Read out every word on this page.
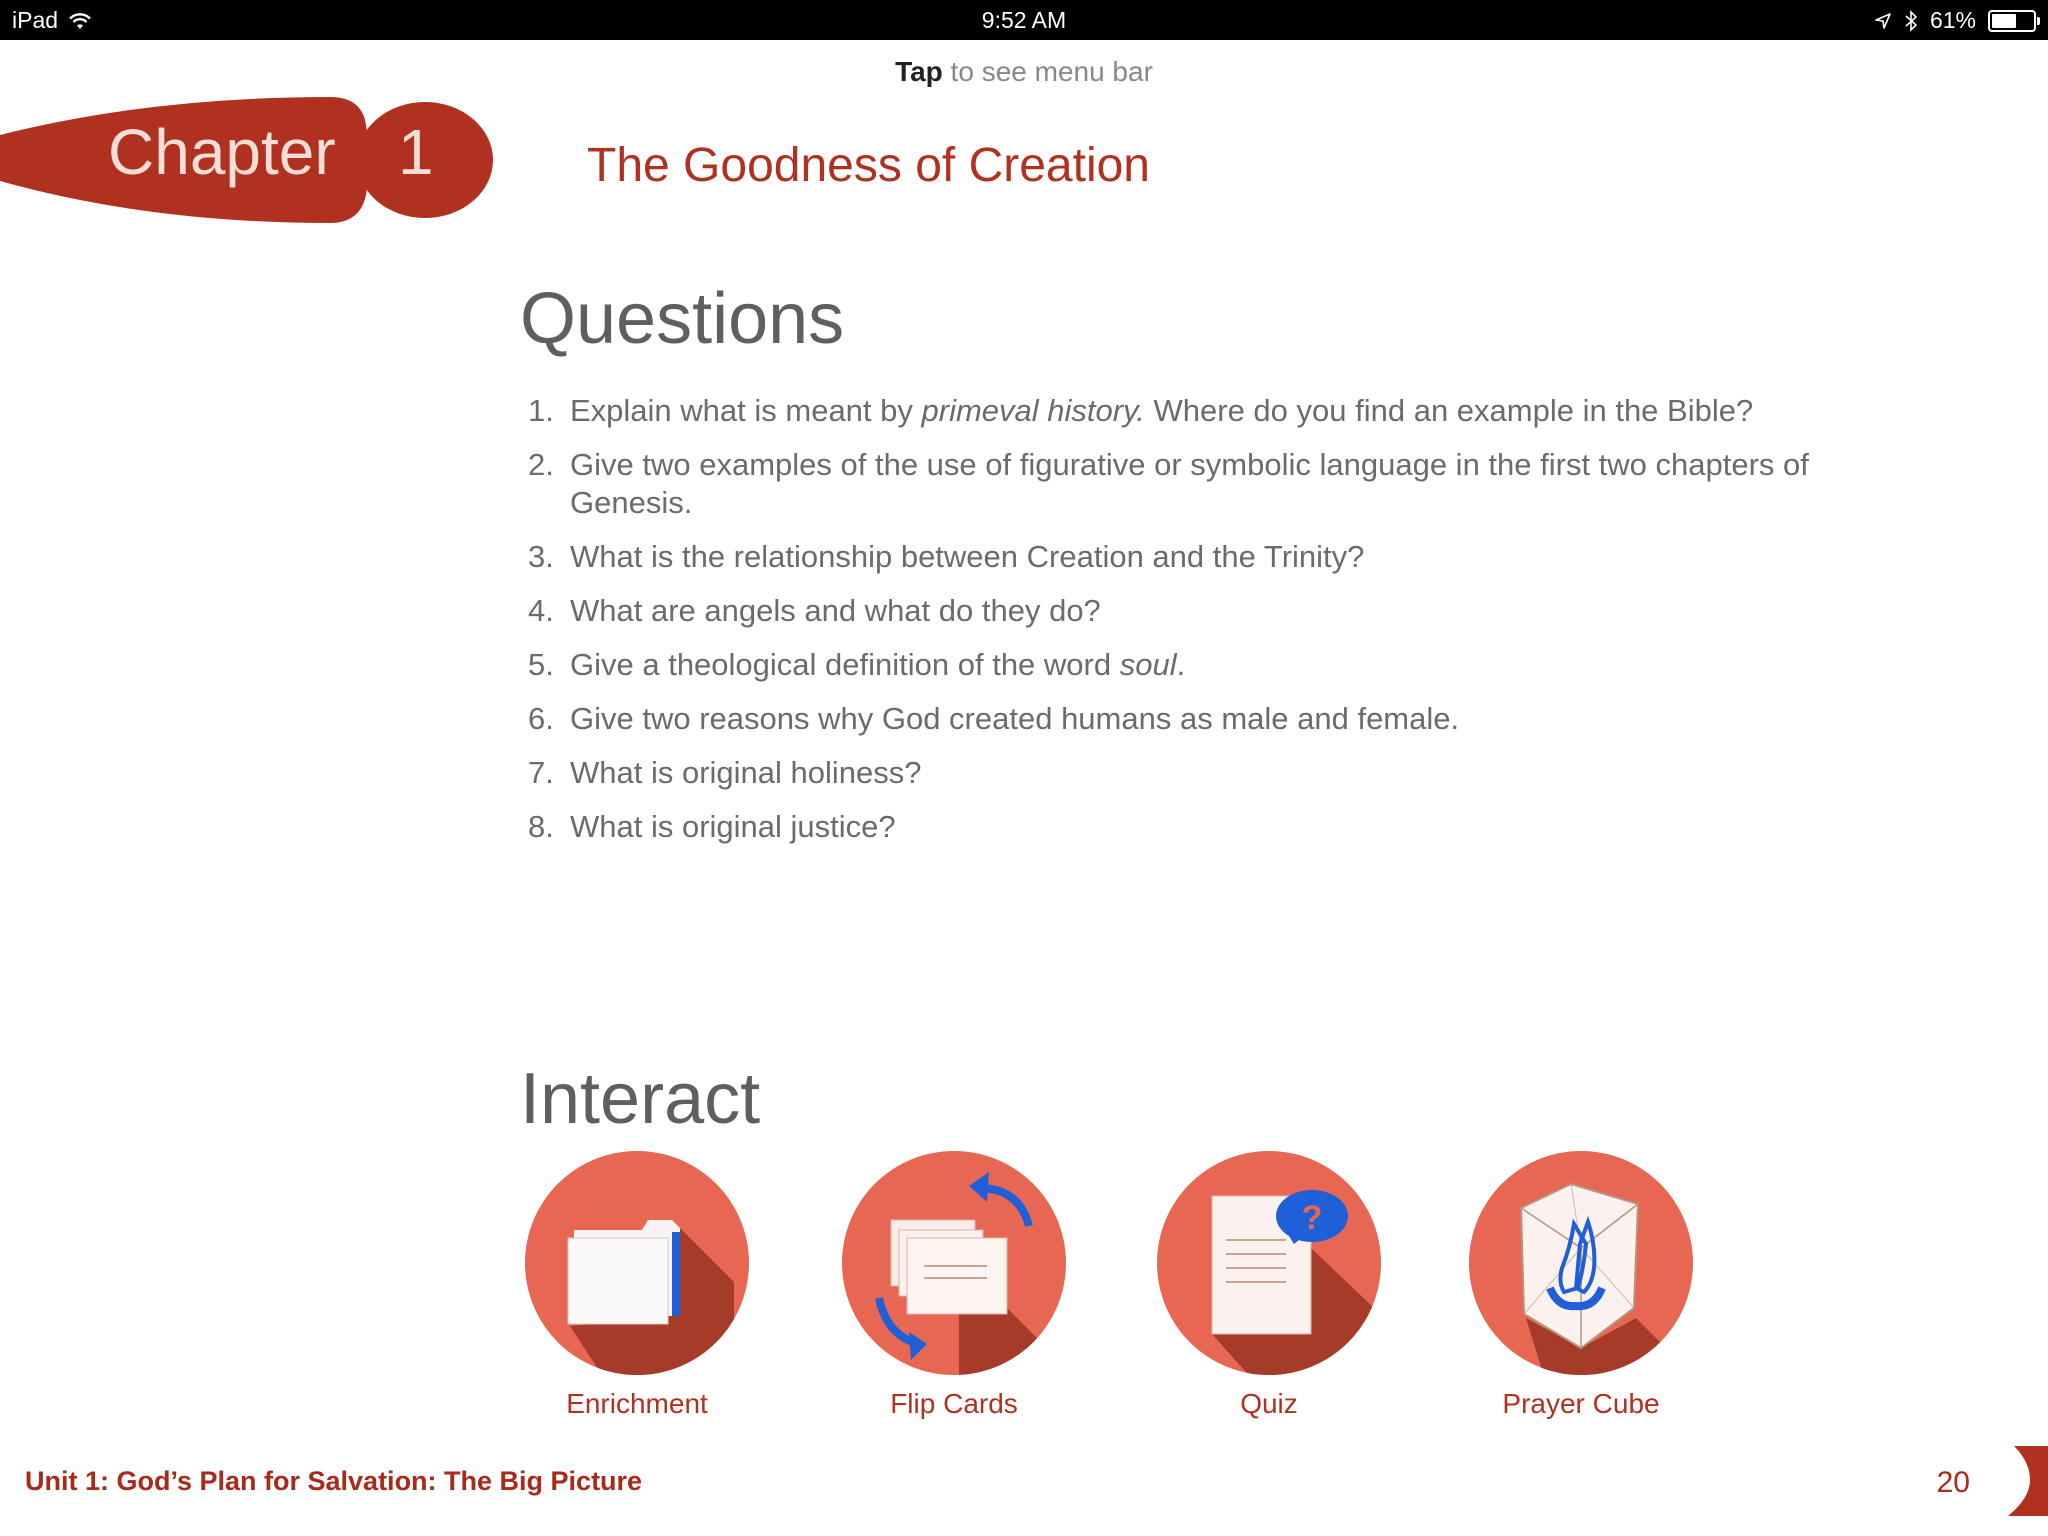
iPad	9:52 AM	61%
Tap to see menu bar
Chapter 1	The Goodness of Creation
Questions
1. Explain what is meant by primeval history. Where do you find an example in the Bible?
2. Give two examples of the use of figurative or symbolic language in the first two chapters of Genesis.
3. What is the relationship between Creation and the Trinity?
4. What are angels and what do they do?
5. Give a theological definition of the word soul.
6. Give two reasons why God created humans as male and female.
7. What is original holiness?
8. What is original justice?
Interact
Enrichment	Flip Cards
?
Quiz	Prayer Cube
Unit 1: God’s Plan for Salvation: The Big Picture	20
